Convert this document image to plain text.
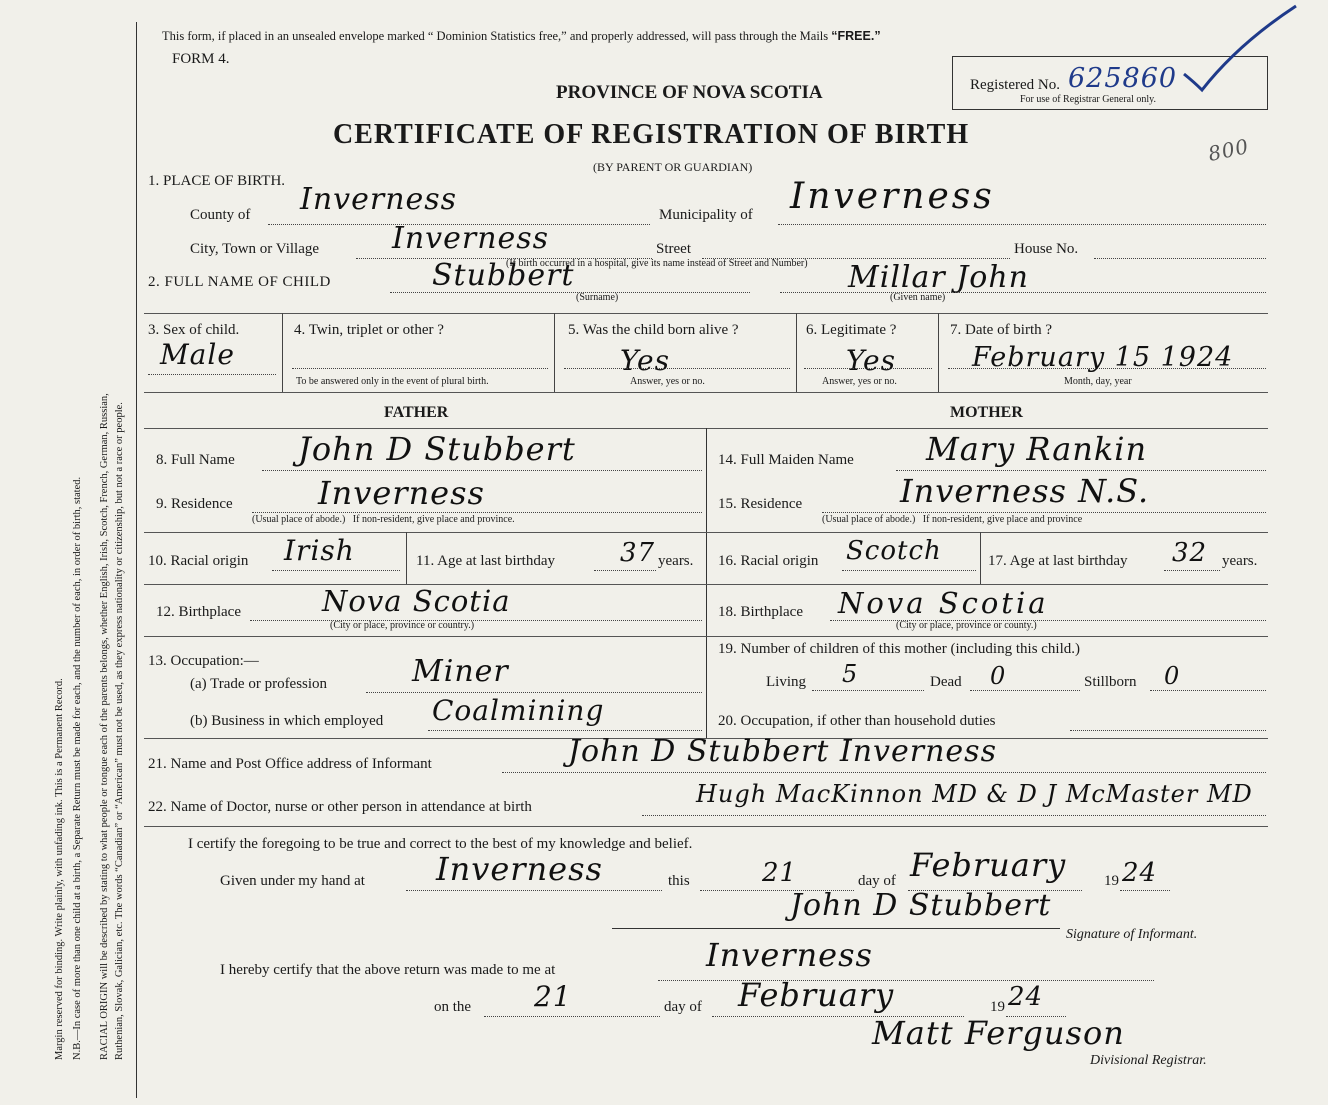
Margin reserved for binding. Write plainly, with unfading ink. This is a Permanent Record. N.B.—In case of more than one child at a birth, a Separate Return must be made for each, and the number of each, in order of birth, stated. RACIAL ORIGIN will be described by stating to what people or tongue each of the parents belongs, whether English, Irish, Scotch, French, German, Russian, Ruthenian, Slovak, Galician, etc. The words “Canadian” or “American” must not be used, as they express nationality or citizenship, but not a race or people.
This form, if placed in an unsealed envelope marked “ Dominion Statistics free,” and properly addressed, will pass through the Mails “FREE.”
FORM 4.
Registered No. 625860
For use of Registrar General only.
800
PROVINCE OF NOVA SCOTIA
CERTIFICATE OF REGISTRATION OF BIRTH
(BY PARENT OR GUARDIAN)
1. PLACE OF BIRTH.
County of Inverness	Municipality of Inverness
City, Town or Village Inverness	Street	House No.
(If birth occurred in a hospital, give its name instead of Street and Number)
2. FULL NAME OF CHILD	Stubbert
(Surname)
Millar John
(Given name)
3. Sex of child.
Male
4. Twin, triplet or other ?
To be answered only in the event of plural birth.
5. Was the child born alive ?
Yes
Answer, yes or no.
6. Legitimate ?
Yes
Answer, yes or no.
7. Date of birth ?
February 15 1924
Month, day, year
FATHER	MOTHER
8. Full Name John D Stubbert
9. Residence	Inverness
(Usual place of abode.) If non-resident, give place and province.
10. Racial origin Irish	11. Age at last birthday	37 years.
12. Birthplace	Nova Scotia
(City or place, province or country.)
13. Occupation:—
(a) Trade or profession	Miner
(b) Business in which employed Coalmining
14. Full Maiden Name Mary Rankin
15. Residence	Inverness N.S.
(Usual place of abode.) If non-resident, give place and province
16. Racial origin Scotch	17. Age at last birthday 32 years.
18. Birthplace Nova Scotia
(City or place, province or county.)
19. Number of children of this mother (including this child.)
Living 5	Dead 0	Stillborn 0
20. Occupation, if other than household duties
21. Name and Post Office address of Informant	John D Stubbert Inverness
22. Name of Doctor, nurse or other person in attendance at birth	Hugh MacKinnon MD & D J McMaster MD
I certify the foregoing to be true and correct to the best of my knowledge and belief.
Given under my hand at Inverness	this	21	day of February	19 24
John D Stubbert
Signature of Informant.
I hereby certify that the above return was made to me at	Inverness
on the 21	day of February	19 24
Matt Ferguson
Divisional Registrar.
